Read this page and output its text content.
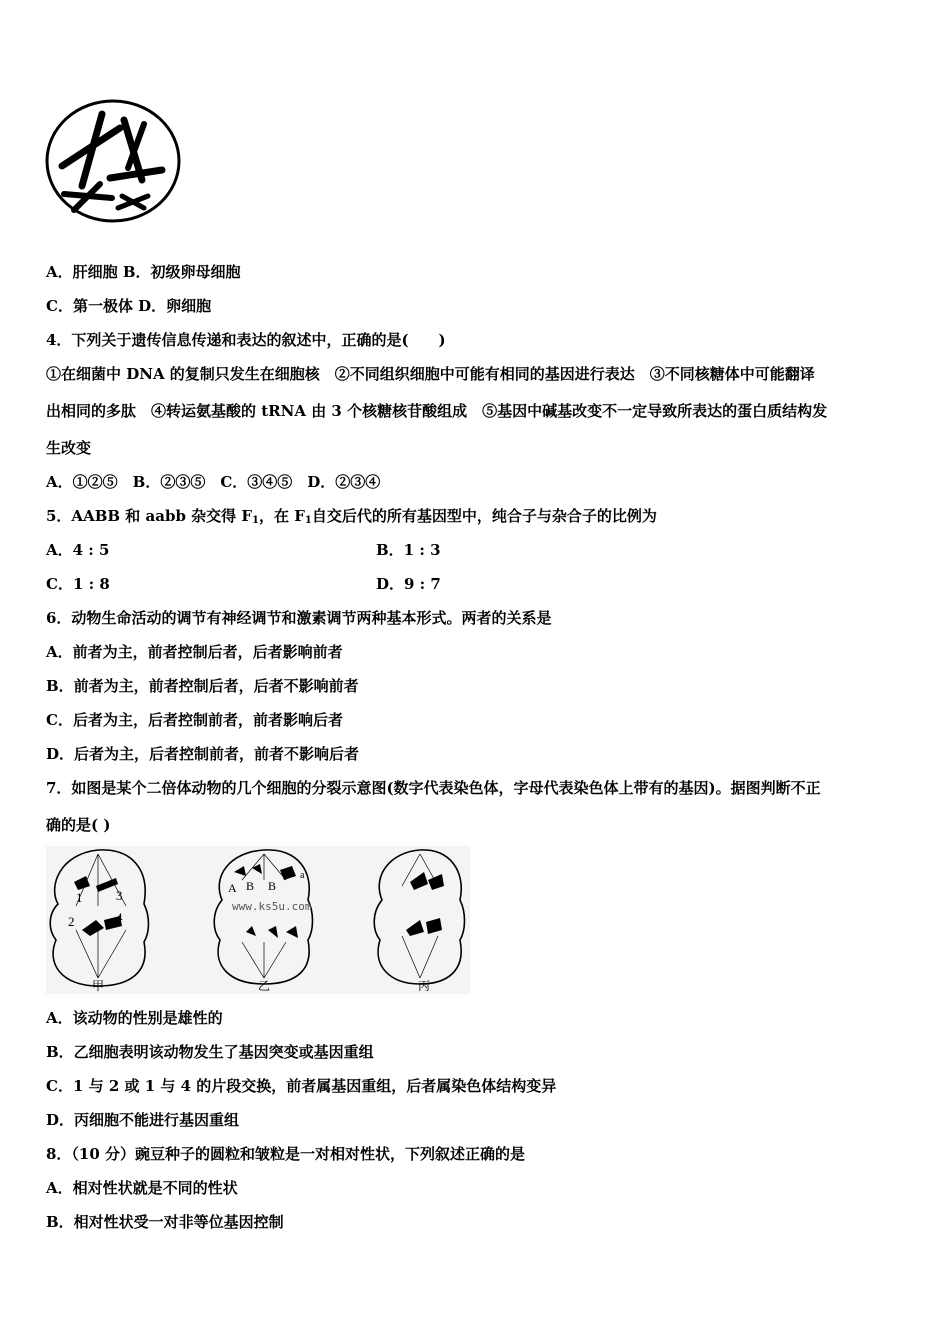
A．肝细胞 B．初级卵母细胞
C．第一极体 D．卵细胞
4．下列关于遗传信息传递和表达的叙述中，正确的是(　　)
①在细菌中 DNA 的复制只发生在细胞核　②不同组织细胞中可能有相同的基因进行表达　③不同核糖体中可能翻译
出相同的多肽　④转运氨基酸的 tRNA 由 3 个核糖核苷酸组成　⑤基因中碱基改变不一定导致所表达的蛋白质结构发
生改变
A．①②⑤　B．②③⑤　C．③④⑤　D．②③④
5．AABB 和 aabb 杂交得 $F_1$，在 $F_1$自交后代的所有基因型中，纯合子与杂合子的比例为
A．4 : 5	B．1 : 3
C．1 : 8	D．9 : 7
6．动物生命活动的调节有神经调节和激素调节两种基本形式。两者的关系是
A．前者为主，前者控制后者，后者影响前者
B．前者为主，前者控制后者，后者不影响前者
C．后者为主，后者控制前者，前者影响后者
D．后者为主，后者控制前者，前者不影响后者
7．如图是某个二倍体动物的几个细胞的分裂示意图(数字代表染色体，字母代表染色体上带有的基因)。据图判断不正
确的是( )
1
2
3
4
甲
A B B
a
www.ks5u.com
乙	丙
A．该动物的性别是雄性的
B．乙细胞表明该动物发生了基因突变或基因重组
C．1 与 2 或 1 与 4 的片段交换，前者属基因重组，后者属染色体结构变异
D．丙细胞不能进行基因重组
8．（10 分）豌豆种子的圆粒和皱粒是一对相对性状，下列叙述正确的是
A．相对性状就是不同的性状
B．相对性状受一对非等位基因控制
